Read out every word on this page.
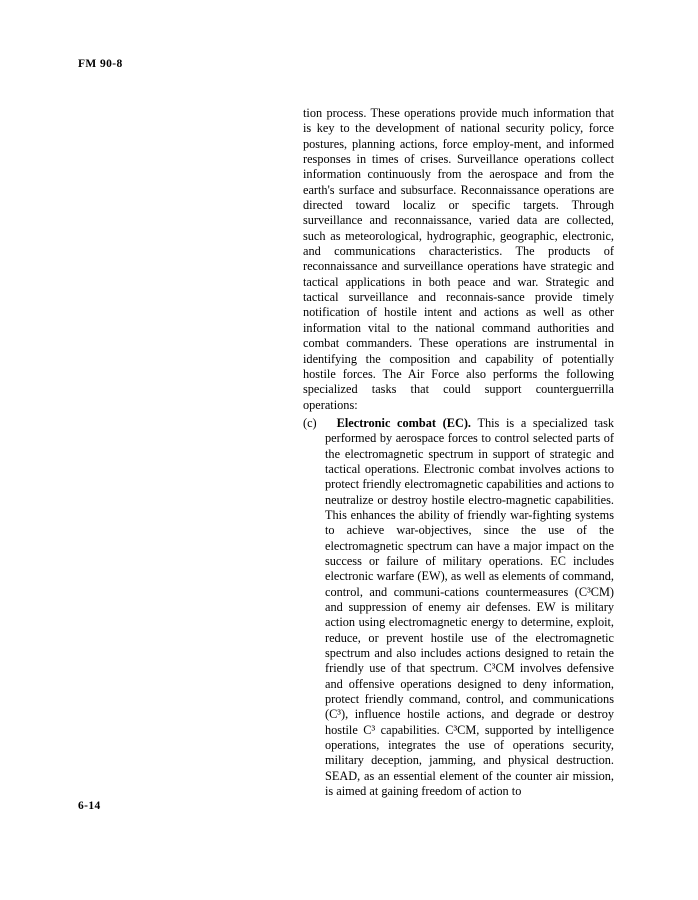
FM 90-8

tion process. These operations provide much information that is key to the development of national security policy, force postures, planning actions, force employ-ment, and informed responses in times of crises. Surveillance operations collect information continuously from the aerospace and from the earth's surface and subsurface. Reconnaissance operations are directed toward localiz or specific targets. Through surveillance and reconnaissance, varied data are collected, such as meteorological, hydrographic, geographic, electronic, and communications characteristics. The products of reconnaissance and surveillance operations have strategic and tactical applications in both peace and war. Strategic and tactical surveillance and reconnais-sance provide timely notification of hostile intent and actions as well as other information vital to the national command authorities and combat commanders. These operations are instrumental in identifying the composition and capability of potentially hostile forces. The Air Force also performs the following specialized tasks that could support counterguerrilla operations:

(c) Electronic combat (EC). This is a specialized task performed by aerospace forces to control selected parts of the electromagnetic spectrum in support of strategic and tactical operations. Electronic combat involves actions to protect friendly electromagnetic capabilities and actions to neutralize or destroy hostile electro-magnetic capabilities. This enhances the ability of friendly war-fighting systems to achieve war-objectives, since the use of the electromagnetic spectrum can have a major impact on the success or failure of military operations. EC includes electronic warfare (EW), as well as elements of command, control, and communi-cations countermeasures (C³CM) and suppression of enemy air defenses. EW is military action using electromagnetic energy to determine, exploit, reduce, or prevent hostile use of the electromagnetic spectrum and also includes actions designed to retain the friendly use of that spectrum. C³CM involves defensive and offensive operations designed to deny information, protect friendly command, control, and communications (C³), influence hostile actions, and degrade or destroy hostile C³ capabilities. C³CM, supported by intelligence operations, integrates the use of operations security, military deception, jamming, and physical destruction. SEAD, as an essential element of the counter air mission, is aimed at gaining freedom of action to

6-14
